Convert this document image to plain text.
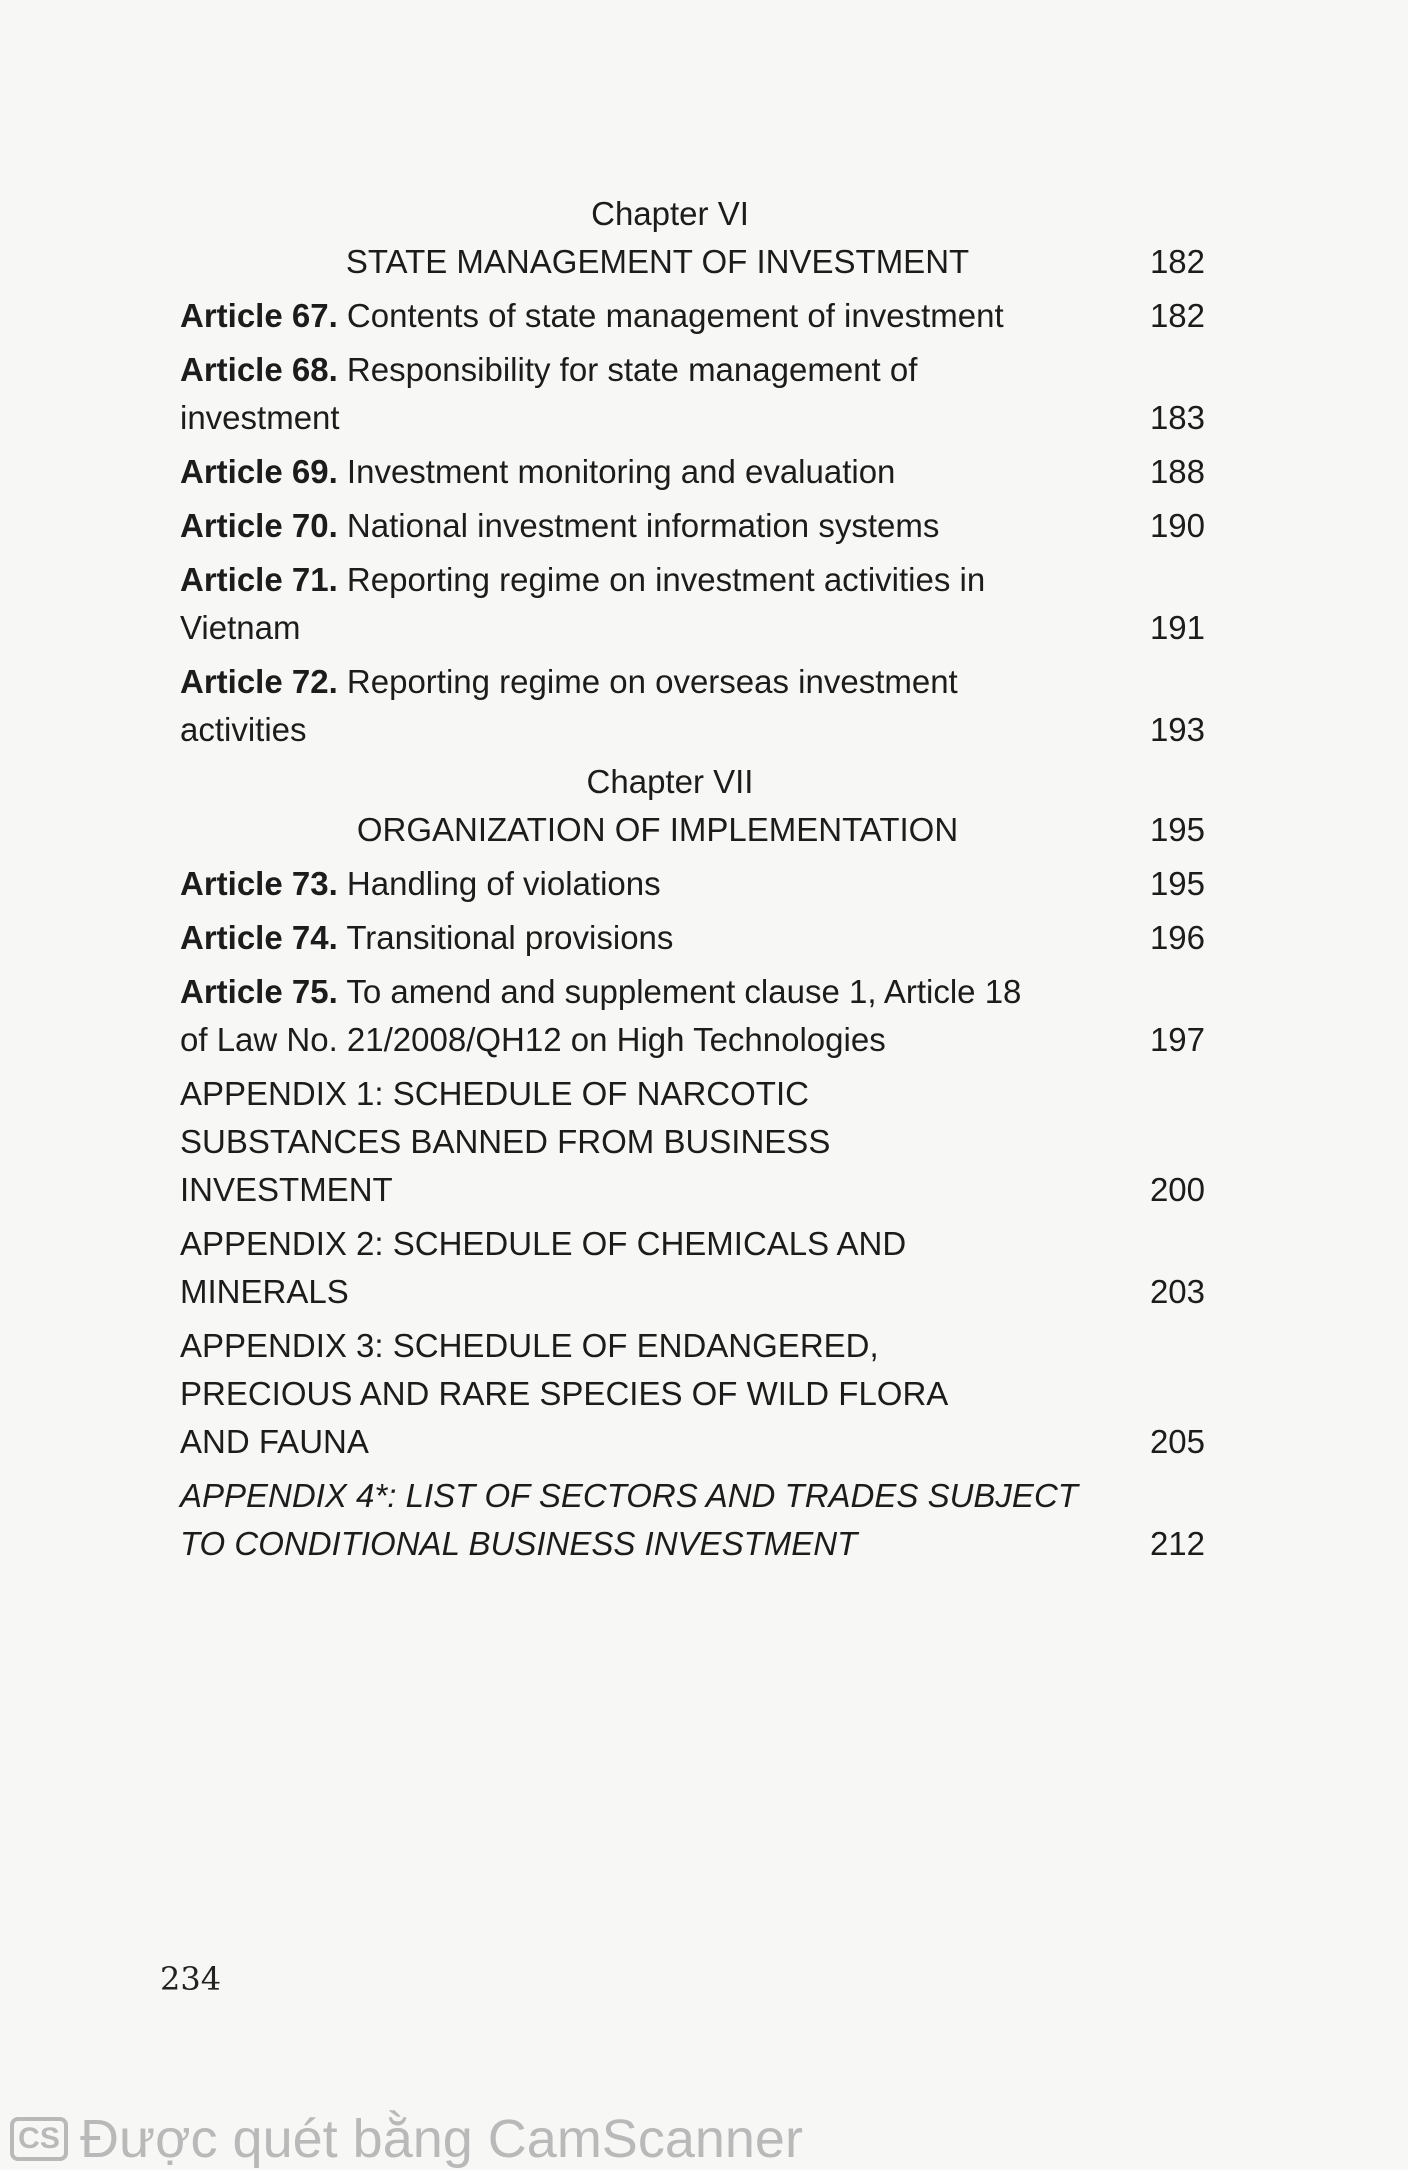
Chapter VI
STATE MANAGEMENT OF INVESTMENT	182
Article 67. Contents of state management of investment	182
Article 68. Responsibility for state management of investment	183
Article 69. Investment monitoring and evaluation	188
Article 70. National investment information systems	190
Article 71. Reporting regime on investment activities in Vietnam	191
Article 72. Reporting regime on overseas investment activities	193
Chapter VII
ORGANIZATION OF IMPLEMENTATION	195
Article 73. Handling of violations	195
Article 74. Transitional provisions	196
Article 75. To amend and supplement clause 1, Article 18 of Law No. 21/2008/QH12 on High Technologies	197
APPENDIX 1: SCHEDULE OF NARCOTIC SUBSTANCES BANNED FROM BUSINESS INVESTMENT	200
APPENDIX 2: SCHEDULE OF CHEMICALS AND MINERALS	203
APPENDIX 3: SCHEDULE OF ENDANGERED, PRECIOUS AND RARE SPECIES OF WILD FLORA AND FAUNA	205
APPENDIX 4*: LIST OF SECTORS AND TRADES SUBJECT TO CONDITIONAL BUSINESS INVESTMENT	212
234
CS Được quét bằng CamScanner
